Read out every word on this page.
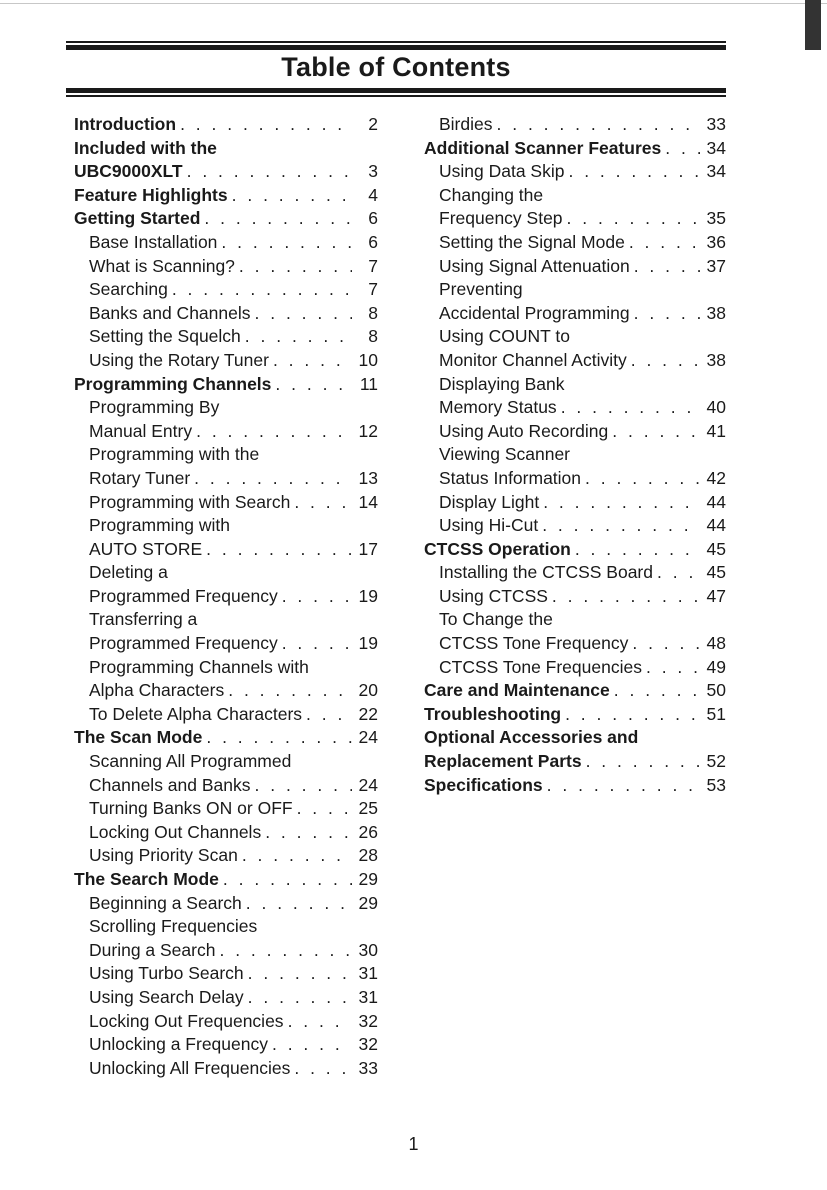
Table of Contents
Introduction . . .	2
Included with the
UBC9000XLT . . .	3
Feature Highlights . . .	4
Getting Started . . .	6
Base Installation . . .	6
What is Scanning? . . .	7
Searching . . .	7
Banks and Channels . . .	8
Setting the Squelch . . .	8
Using the Rotary Tuner . . .	10
Programming Channels . . .	11
Programming By
Manual Entry . . .	12
Programming with the
Rotary Tuner . . .	13
Programming with Search . . .	14
Programming with
AUTO STORE . . .	17
Deleting a
Programmed Frequency . . .	19
Transferring a
Programmed Frequency . . .	19
Programming Channels with
Alpha Characters . . .	20
To Delete Alpha Characters . . .	22
The Scan Mode . . .	24
Scanning All Programmed
Channels and Banks . . .	24
Turning Banks ON or OFF . . .	25
Locking Out Channels . . .	26
Using Priority Scan . . .	28
The Search Mode . . .	29
Beginning a Search . . .	29
Scrolling Frequencies
During a Search . . .	30
Using Turbo Search . . .	31
Using Search Delay . . .	31
Locking Out Frequencies . . .	32
Unlocking a Frequency . . .	32
Unlocking All Frequencies . . .	33
Birdies . . .	33
Additional Scanner Features . . .	34
Using Data Skip . . .	34
Changing the
Frequency Step . . .	35
Setting the Signal Mode . . .	36
Using Signal Attenuation . . .	37
Preventing
Accidental Programming . . .	38
Using COUNT to
Monitor Channel Activity . . .	38
Displaying Bank
Memory Status . . .	40
Using Auto Recording . . .	41
Viewing Scanner
Status Information . . .	42
Display Light . . .	44
Using Hi-Cut . . .	44
CTCSS Operation . . .	45
Installing the CTCSS Board . . .	45
Using CTCSS . . .	47
To Change the
CTCSS Tone Frequency . . .	48
CTCSS Tone Frequencies . . .	49
Care and Maintenance . . .	50
Troubleshooting . . .	51
Optional Accessories and
Replacement Parts . . .	52
Specifications . . .	53
1
